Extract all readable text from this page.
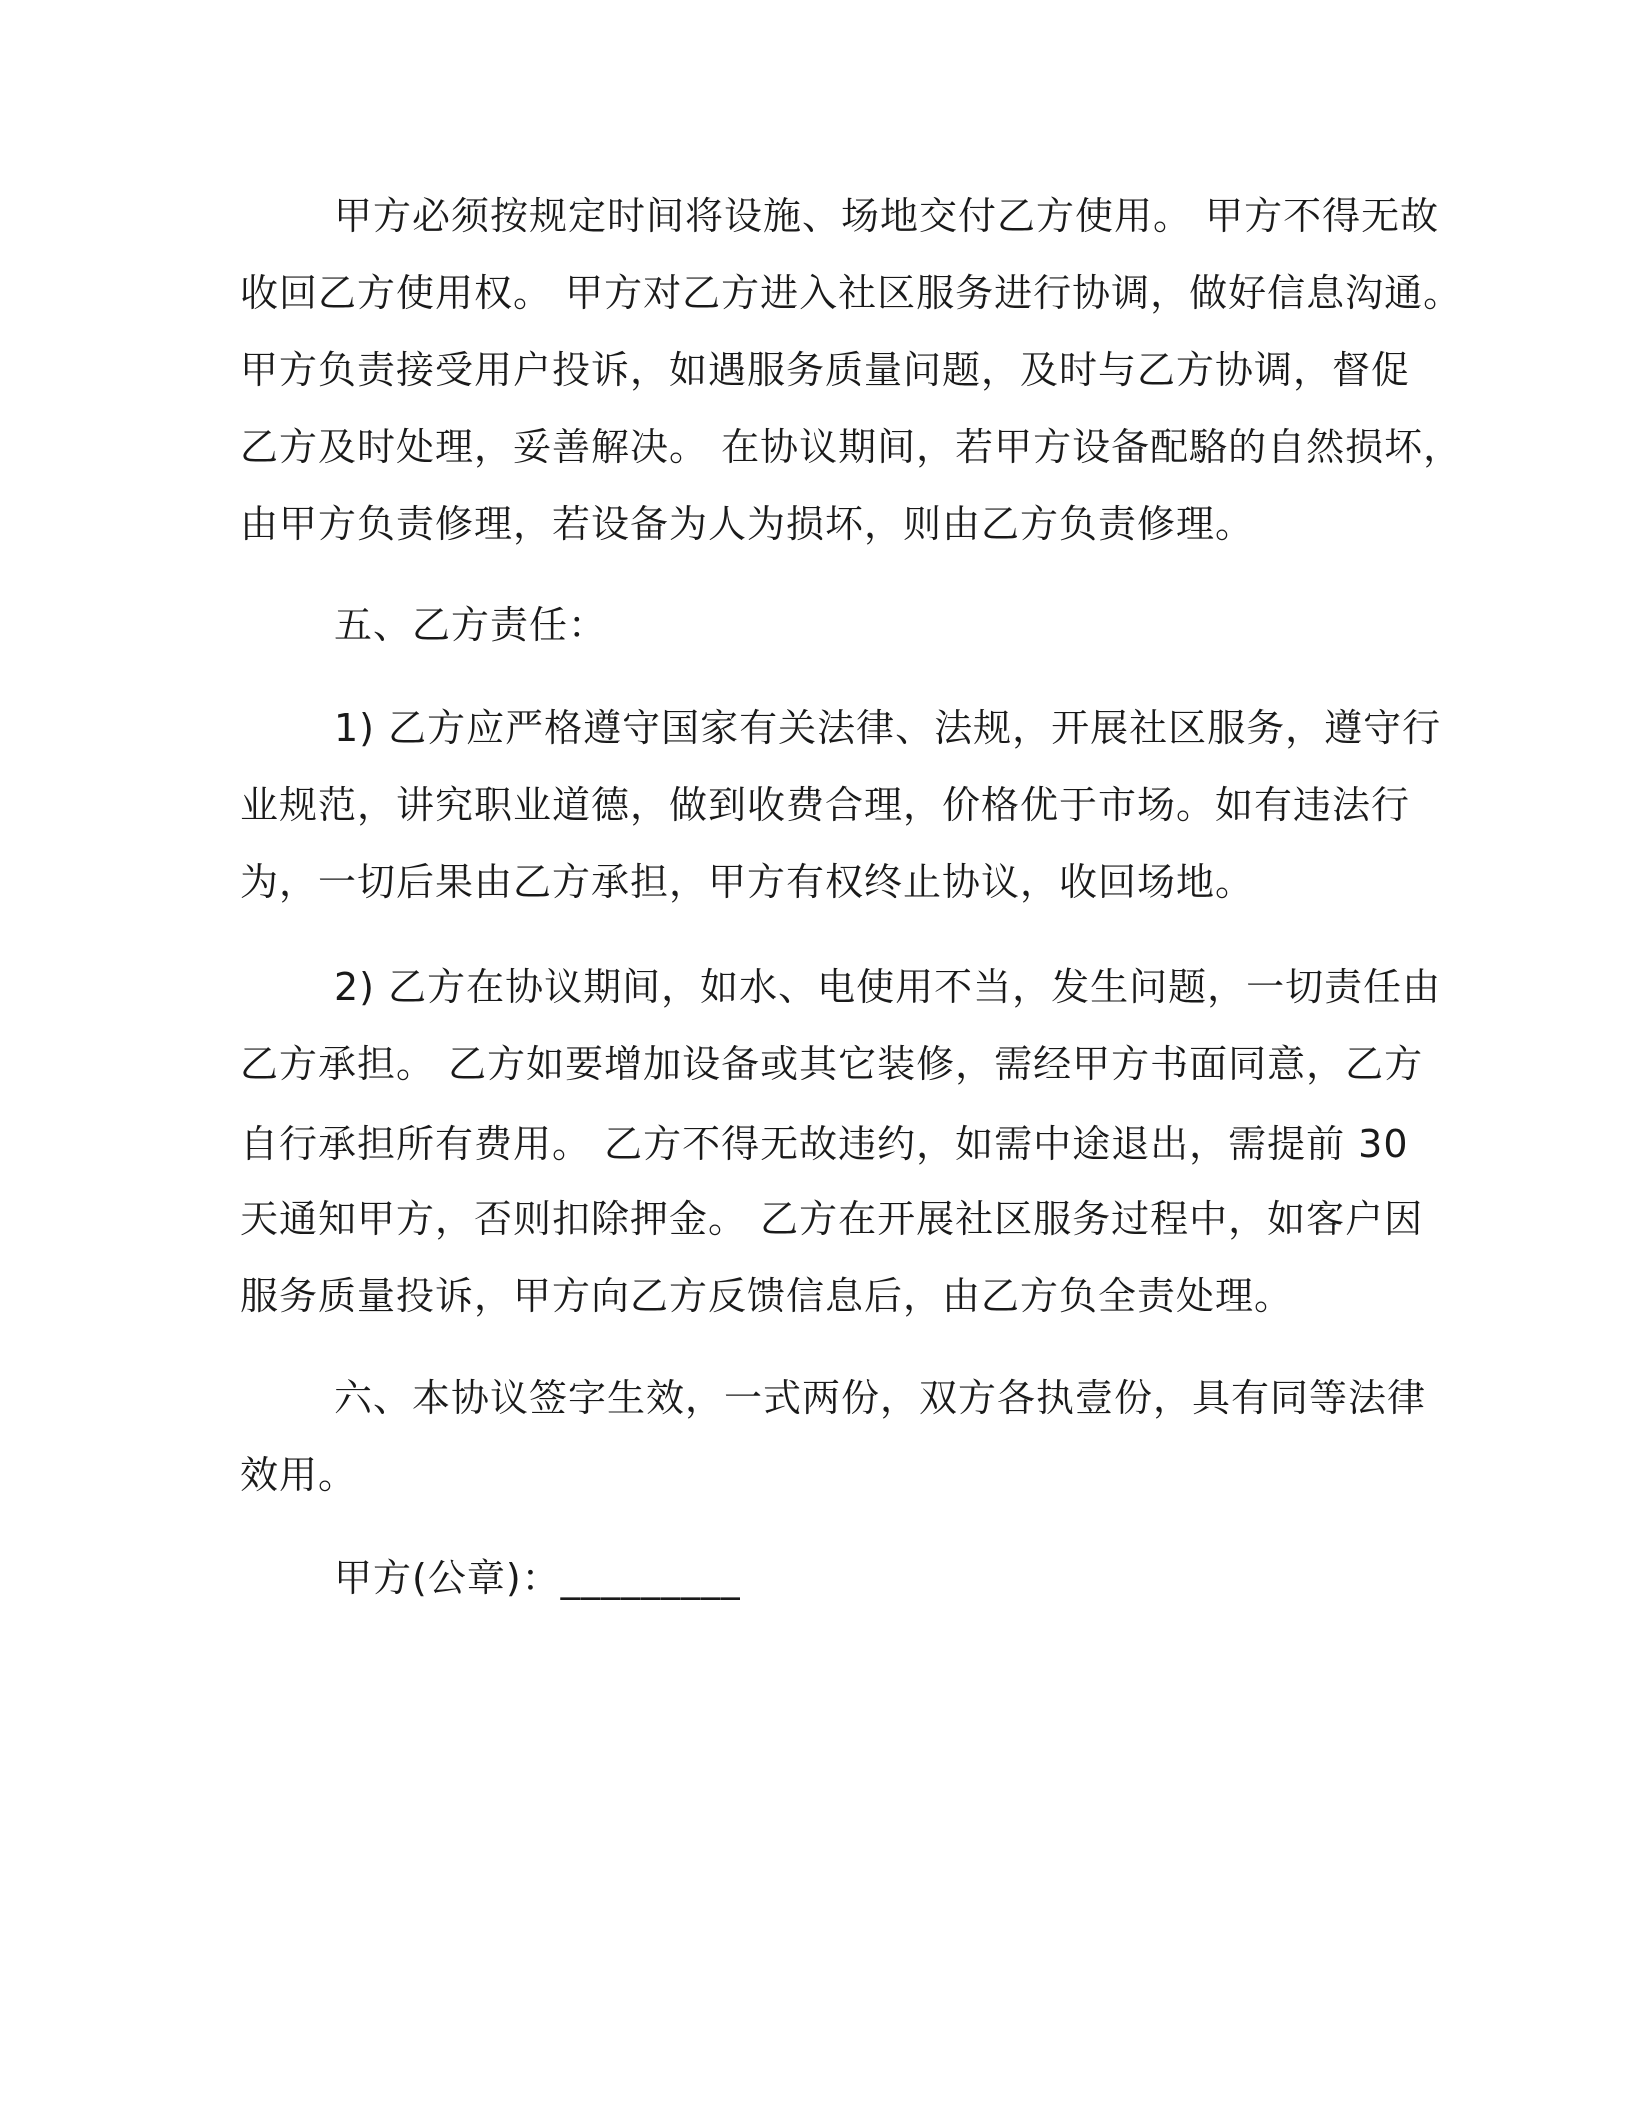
甲方必须按规定时间将设施、场地交付乙方使用。 甲方不得无故
收回乙方使用权。 甲方对乙方进入社区服务进行协调，做好信息沟通。
甲方负责接受用户投诉，如遇服务质量问题，及时与乙方协调，督促
乙方及时处理，妥善解决。 在协议期间，若甲方设备配駱的自然损坏，
由甲方负责修理，若设备为人为损坏，则由乙方负责修理。
五、乙方责任：
1) 乙方应严格遵守国家有关法律、法规，开展社区服务，遵守行
业规范，讲究职业道德，做到收费合理，价格优于市场。如有违法行
为，一切后果由乙方承担，甲方有权终止协议，收回场地。
2) 乙方在协议期间，如水、电使用不当，发生问题，一切责任由
乙方承担。 乙方如要增加设备或其它装修，需经甲方书面同意，乙方
自行承担所有费用。 乙方不得无故违约，如需中途退出，需提前 30
天通知甲方，否则扣除押金。 乙方在开展社区服务过程中，如客户因
服务质量投诉，甲方向乙方反馈信息后，由乙方负全责处理。
六、本协议签字生效，一式两份，双方各执壹份，具有同等法律
效用。
甲方(公章)：_________
